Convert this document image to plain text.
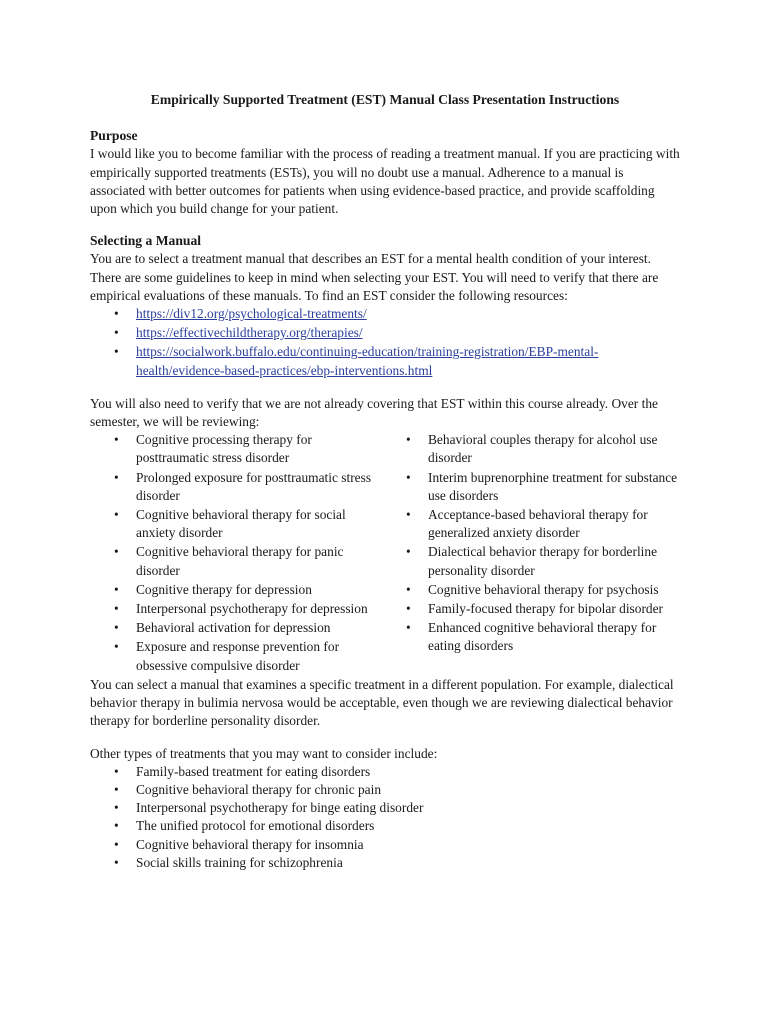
Empirically Supported Treatment (EST) Manual Class Presentation Instructions
Purpose

I would like you to become familiar with the process of reading a treatment manual. If you are practicing with empirically supported treatments (ESTs), you will no doubt use a manual. Adherence to a manual is associated with better outcomes for patients when using evidence-based practice, and provide scaffolding upon which you build change for your patient.

Selecting a Manual

You are to select a treatment manual that describes an EST for a mental health condition of your interest. There are some guidelines to keep in mind when selecting your EST. You will need to verify that there are empirical evaluations of these manuals. To find an EST consider the following resources:

• https://div12.org/psychological-treatments/
• https://effectivechildtherapy.org/therapies/
• https://socialwork.buffalo.edu/continuing-education/training-registration/EBP-mental-health/evidence-based-practices/ebp-interventions.html

You will also need to verify that we are not already covering that EST within this course already. Over the semester, we will be reviewing:

• Cognitive processing therapy for posttraumatic stress disorder
• Prolonged exposure for posttraumatic stress disorder
• Cognitive behavioral therapy for social anxiety disorder
• Cognitive behavioral therapy for panic disorder
• Cognitive therapy for depression
• Interpersonal psychotherapy for depression
• Behavioral activation for depression
• Exposure and response prevention for obsessive compulsive disorder
• Behavioral couples therapy for alcohol use disorder
• Interim buprenorphine treatment for substance use disorders
• Acceptance-based behavioral therapy for generalized anxiety disorder
• Dialectical behavior therapy for borderline personality disorder
• Cognitive behavioral therapy for psychosis
• Family-focused therapy for bipolar disorder
• Enhanced cognitive behavioral therapy for eating disorders

You can select a manual that examines a specific treatment in a different population. For example, dialectical behavior therapy in bulimia nervosa would be acceptable, even though we are reviewing dialectical behavior therapy for borderline personality disorder.

Other types of treatments that you may want to consider include:

• Family-based treatment for eating disorders
• Cognitive behavioral therapy for chronic pain
• Interpersonal psychotherapy for binge eating disorder
• The unified protocol for emotional disorders
• Cognitive behavioral therapy for insomnia
• Social skills training for schizophrenia
